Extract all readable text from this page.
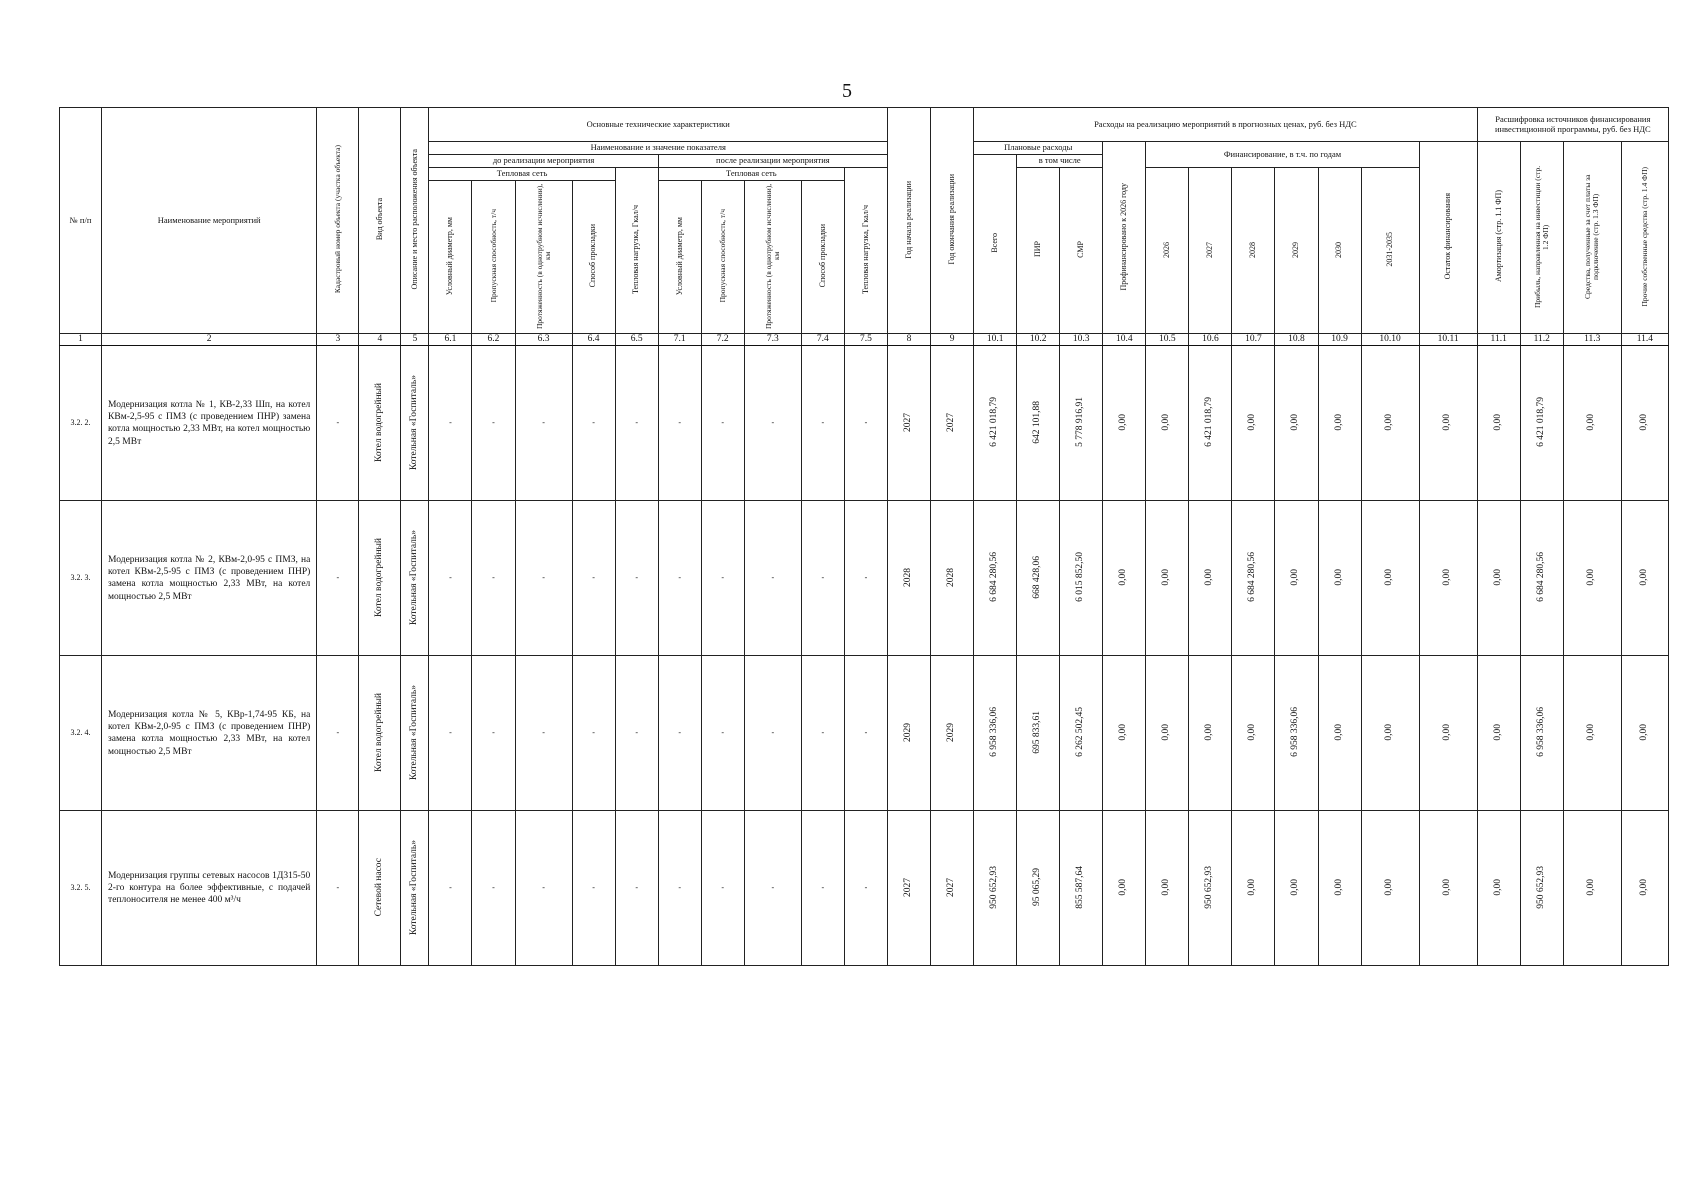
5
№ п/п	Наименование мероприятий	Кадастровый номер объекта (участка объекта)	Вид объекта	Описание и место расположения объекта	Основные технические характеристики										Год начала реализации	Год окончания реализации	Расходы на реализацию мероприятий в прогнозных ценах, руб. без НДС											Расшифровка источников финансирования инвестиционной программы, руб. без НДС			
					Наименование и значение показателя												Плановые расходы			Профинансировано к 2026 году	Финансирование, в т.ч. по годам						Остаток финансирования	Амортизация (стр. 1.1 ФП)	Прибыль, направленная на инвестиции (стр. 1.2 ФП)	Средства, полученные за счет платы за подключение (стр. 1.3 ФП)	Прочие собственные средства (стр. 1.4 ФП)
					до реализации мероприятия					после реализации мероприятия							Всего	в том числе													
					Тепловая сеть				Тепловая нагрузка, Гкал/ч	Тепловая сеть				Тепловая нагрузка, Гкал/ч				ПИР	СМР		2026	2027	2028	2029	2030	2031-2035					
					Условный диаметр, мм	Пропускная способность, т/ч	Протяженность (в однотрубном исчислении), км	Способ прокладки		Условный диаметр, мм	Пропускная способность, т/ч	Протяженность (в однотрубном исчислении), км	Способ прокладки																		

1	2	3	4	5	6.1	6.2	6.3	6.4	6.5	7.1	7.2	7.3	7.4	7.5	8	9	10.1	10.2	10.3	10.4	10.5	10.6	10.7	10.8	10.9	10.10	10.11	11.1	11.2	11.3	11.4
3.2. 2.	Модернизация котла № 1, КВ-2,33 Шп, на котел КВм-2,5-95 с ПМЗ (с проведением ПНР) замена котла мощностью 2,33 МВт, на котел мощностью 2,5 МВт	-	Котел водогрейный	Котельная «Госпиталь»	-	-	-	-	-	-	-	-	-	-	2027	2027	6 421 018,79	642 101,88	5 778 916,91	0,00	0,00	6 421 018,79	0,00	0,00	0,00	0,00	0,00	0,00	6 421 018,79	0,00	0,00
3.2. 3.	Модернизация котла № 2, КВм-2,0-95 с ПМЗ, на котел КВм-2,5-95 с ПМЗ (с проведением ПНР) замена котла мощностью 2,33 МВт, на котел мощностью 2,5 МВт	-	Котел водогрейный	Котельная «Госпиталь»	-	-	-	-	-	-	-	-	-	-	2028	2028	6 684 280,56	668 428,06	6 015 852,50	0,00	0,00	0,00	6 684 280,56	0,00	0,00	0,00	0,00	0,00	6 684 280,56	0,00	0,00
3.2. 4.	Модернизация котла № 5, КВр-1,74-95 КБ, на котел КВм-2,0-95 с ПМЗ (с проведением ПНР) замена котла мощностью 2,33 МВт, на котел мощностью 2,5 МВт	-	Котел водогрейный	Котельная «Госпиталь»	-	-	-	-	-	-	-	-	-	-	2029	2029	6 958 336,06	695 833,61	6 262 502,45	0,00	0,00	0,00	0,00	6 958 336,06	0,00	0,00	0,00	0,00	6 958 336,06	0,00	0,00
3.2. 5.	Модернизация группы сетевых насосов 1Д315-50 2-го контура на более эффективные, с подачей теплоносителя не менее 400 м³/ч	-	Сетевой насос	Котельная «Госпиталь»	-	-	-	-	-	-	-	-	-	-	2027	2027	950 652,93	95 065,29	855 587,64	0,00	0,00	950 652,93	0,00	0,00	0,00	0,00	0,00	0,00	950 652,93	0,00	0,00
